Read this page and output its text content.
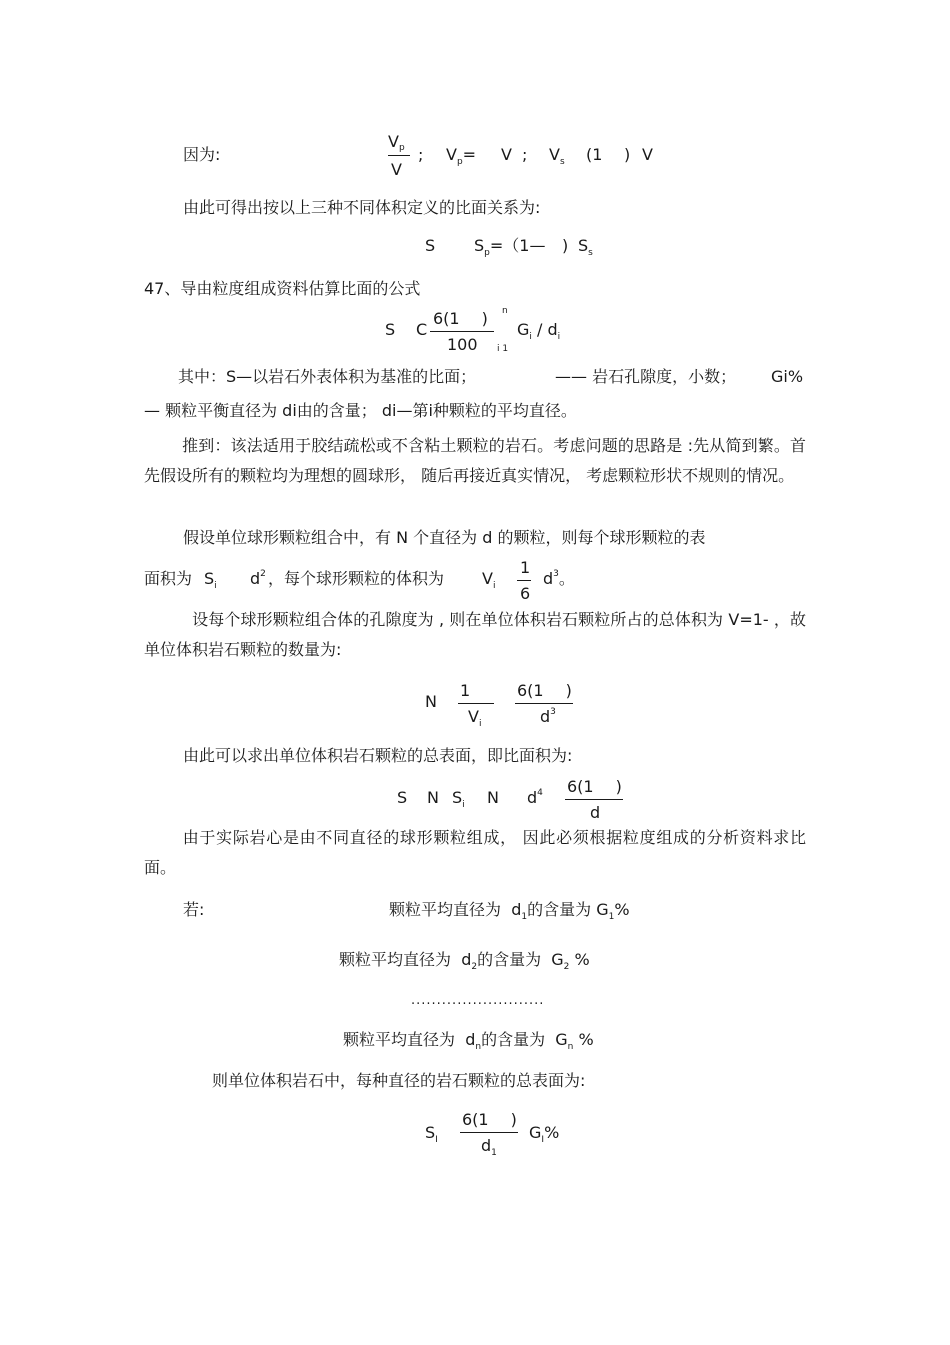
因为:
Vp
V
; $V_p= V$ ; $V_s$ (1 ) V
由此可得出按以上三种不同体积定义的比面关系为:
S $S_p=(1—$ ) $S_s$
47、导由粒度组成资料估算比面的公式
S C
6(1 )
100
n
i 1
$G_i / d_i$
其中：S—以岩石外表体积为基准的比面；	—— 岩石孔隙度，小数； Gi%
— 颗粒平衡直径为 di由的含量； di—第i种颗粒的平均直径。
推到：该法适用于胶结疏松或不含粘土颗粒的岩石。考虑问题的思路是 :先从简到繁。首先假设所有的颗粒均为理想的圆球形， 随后再接近真实情况， 考虑颗粒形状不规则的情况。
假设单位球形颗粒组合中，有 N 个直径为 d 的颗粒，则每个球形颗粒的表
面积为 $S_i$ $d^2$ ，每个球形颗粒的体积为 $V_i$
1
6
$d^3$。
设每个球形颗粒组合体的孔隙度为 , 则在单位体积岩石颗粒所占的总体积为 V=1- ，故单位体积岩石颗粒的数量为:
N
1
$V_i$
6(1 )
$d^3$
由此可以求出单位体积岩石颗粒的总表面，即比面积为:
S N $S_i$ N $d^4$ 6(1 )
d
由于实际岩心是由不同直径的球形颗粒组成， 因此必须根据粒度组成的分析资料求比面。
若:	颗粒平均直径为 $d_1$的含量为 $G_1\%$
颗粒平均直径为 $d_2$的含量为 $G_2$ %
..........................
颗粒平均直径为 $d_n$的含量为 $G_n$ %
则单位体积岩石中，每种直径的岩石颗粒的总表面为:
$S_I$
6(1 )
$d_1$
$G_I\%$
